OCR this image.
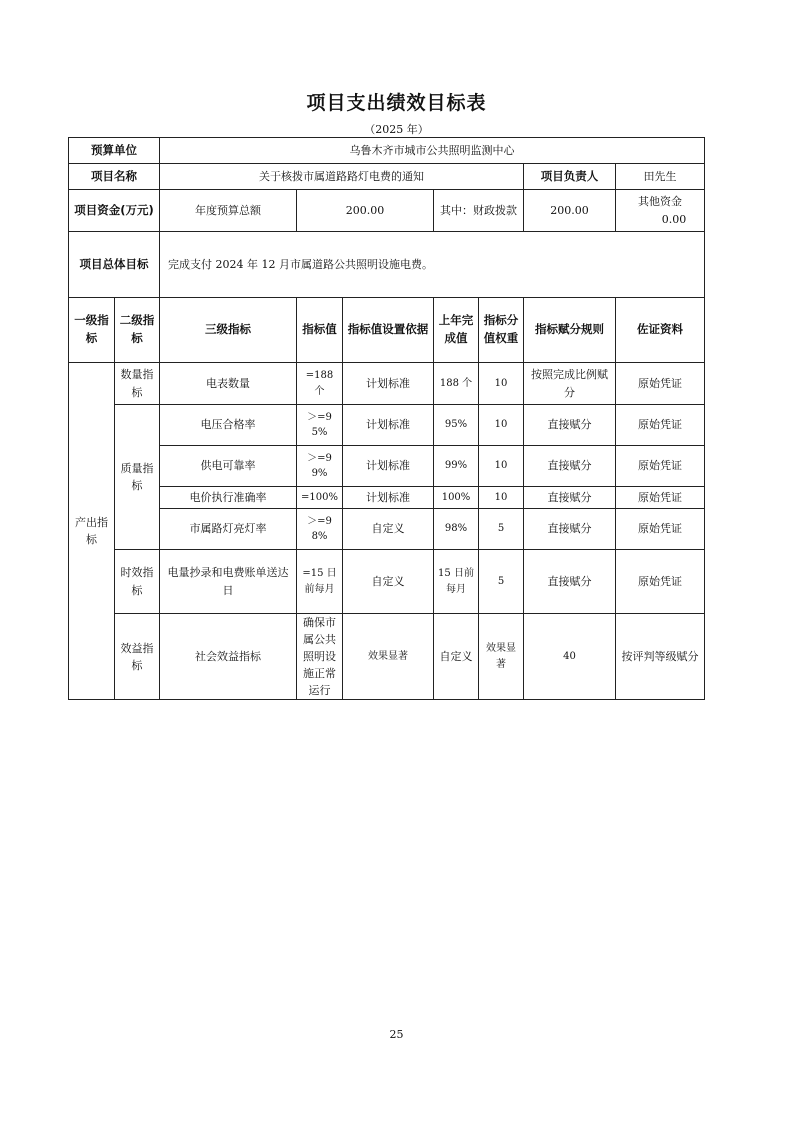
项目支出绩效目标表
（2025 年）
预算单位		乌鲁木齐市城市公共照明监测中心							
项目名称		关于核拨市属道路路灯电费的通知					项目负责人	田先生	
项目资金(万元)		年度预算总额	200.00		其中：财政拨款		200.00	其他资金 0.00	
项目总体目标		完成支付 2024 年 12 月市属道路公共照明设施电费。							
一级指标	二级指标	三级指标	指标值	指标值设置依据	上年完成值	指标分值权重	指标赋分规则	佐证资料	
产出指标	数量指标	电表数量	=188 个	计划标准	188 个	10	按照完成比例赋分	原始凭证	
	质量指标	电压合格率	＞=95%	计划标准	95%	10	直接赋分	原始凭证	
		供电可靠率	＞=99%	计划标准	99%	10	直接赋分	原始凭证	
		电价执行准确率	=100%	计划标准	100%	10	直接赋分	原始凭证	
		市属路灯亮灯率	＞=98%	自定义	98%	5	直接赋分	原始凭证	
	时效指标	电量抄录和电费账单送达日	=15 日前每月	自定义	15 日前每月	5	直接赋分	原始凭证	
	效益指标	社会效益指标	确保市属公共照明设施正常运行	效果显著	自定义	效果显著	40	按评判等级赋分	
25
